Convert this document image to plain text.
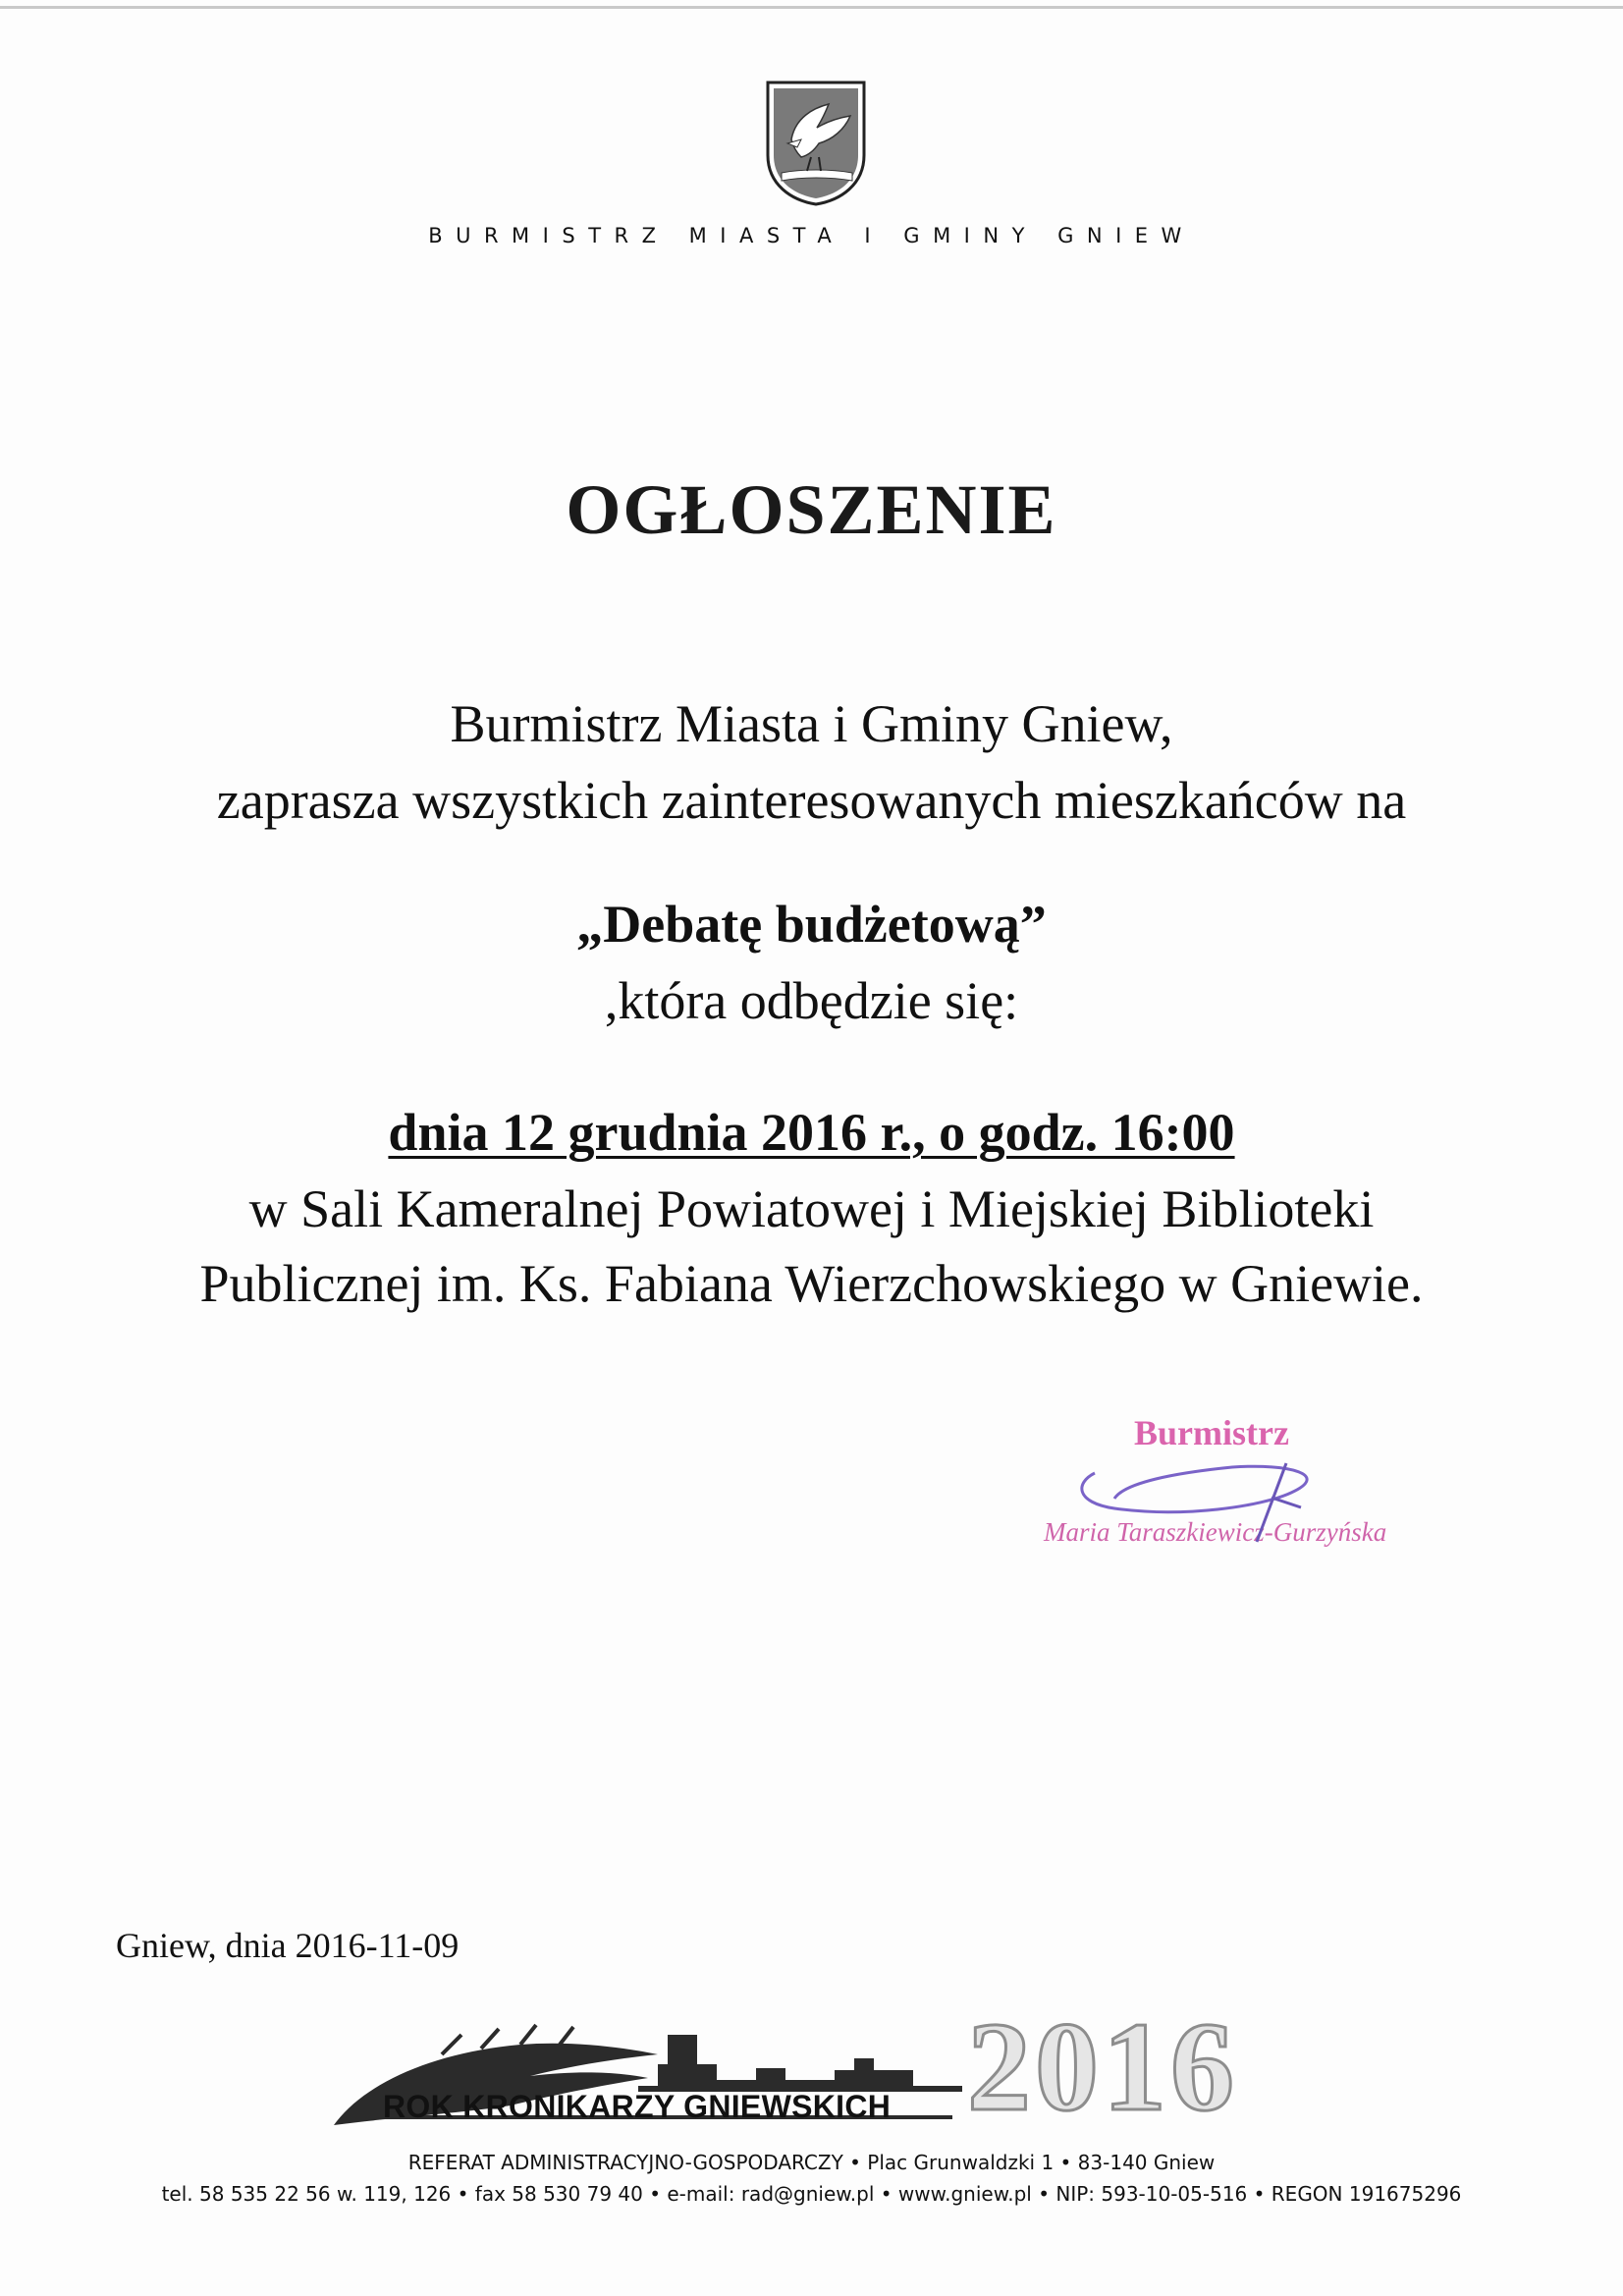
BURMISTRZ MIASTA I GMINY GNIEW
OGŁOSZENIE
Burmistrz Miasta i Gminy Gniew,
zaprasza wszystkich zainteresowanych mieszkańców na
„Debatę budżetową”
,która odbędzie się:
dnia 12 grudnia 2016 r., o godz. 16:00
w Sali Kameralnej Powiatowej i Miejskiej Biblioteki
Publicznej im. Ks. Fabiana Wierzchowskiego w Gniewie.
Burmistrz
Maria Taraszkiewicz-Gurzyńska
Gniew, dnia 2016-11-09
ROK KRONIKARZY GNIEWSKICH 2016
REFERAT ADMINISTRACYJNO-GOSPODARCZY • Plac Grunwaldzki 1 • 83-140 Gniew
tel. 58 535 22 56 w. 119, 126 • fax 58 530 79 40 • e-mail: rad@gniew.pl • www.gniew.pl • NIP: 593-10-05-516 • REGON 191675296
